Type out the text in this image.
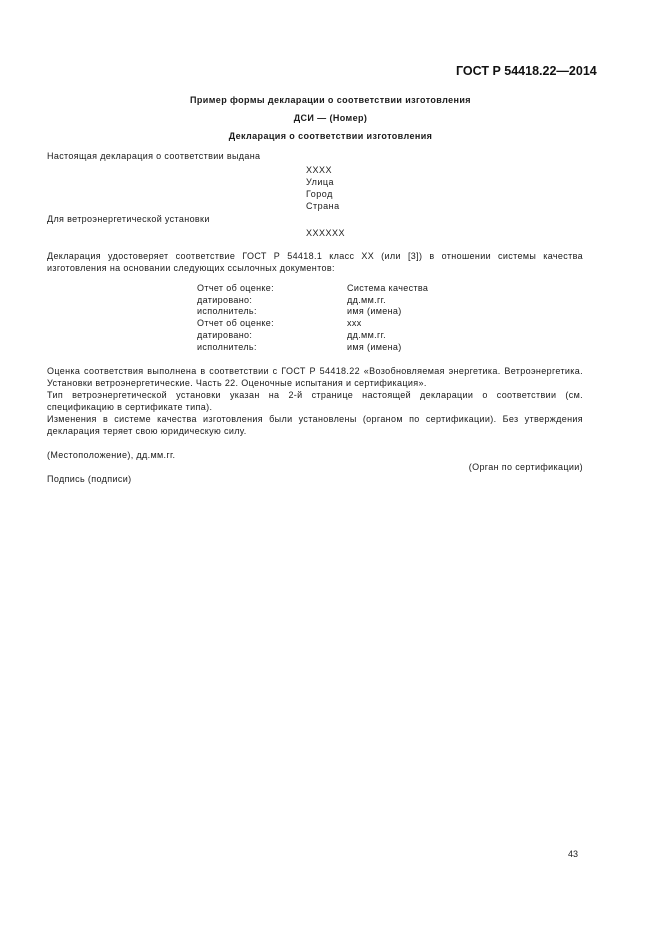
ГОСТ Р 54418.22—2014
Пример формы декларации о соответствии изготовления
ДСИ — (Номер)
Декларация о соответствии изготовления
Настоящая декларация о соответствии выдана
XXXX
Улица
Город
Страна
Для ветроэнергетической установки
XXXXXX
Декларация удостоверяет соответствие ГОСТ Р 54418.1 класс XX (или [3]) в отношении системы качества изготовления на основании следующих ссылочных документов:
Отчет об оценке:	Система качества
датировано:	дд.мм.гг.
исполнитель:	имя (имена)
Отчет об оценке:	ххх
датировано:	дд.мм.гг.
исполнитель:	имя (имена)
Оценка соответствия выполнена в соответствии с ГОСТ Р 54418.22 «Возобновляемая энергетика. Ветроэнергетика. Установки ветроэнергетические. Часть 22. Оценочные испытания и сертификация».
Тип ветроэнергетической установки указан на 2-й странице настоящей декларации о соответствии (см. спецификацию в сертификате типа).
Изменения в системе качества изготовления были установлены (органом по сертификации). Без утверждения декларация теряет свою юридическую силу.
(Местоположение), дд.мм.гг.
(Орган по сертификации)
Подпись (подписи)
43
